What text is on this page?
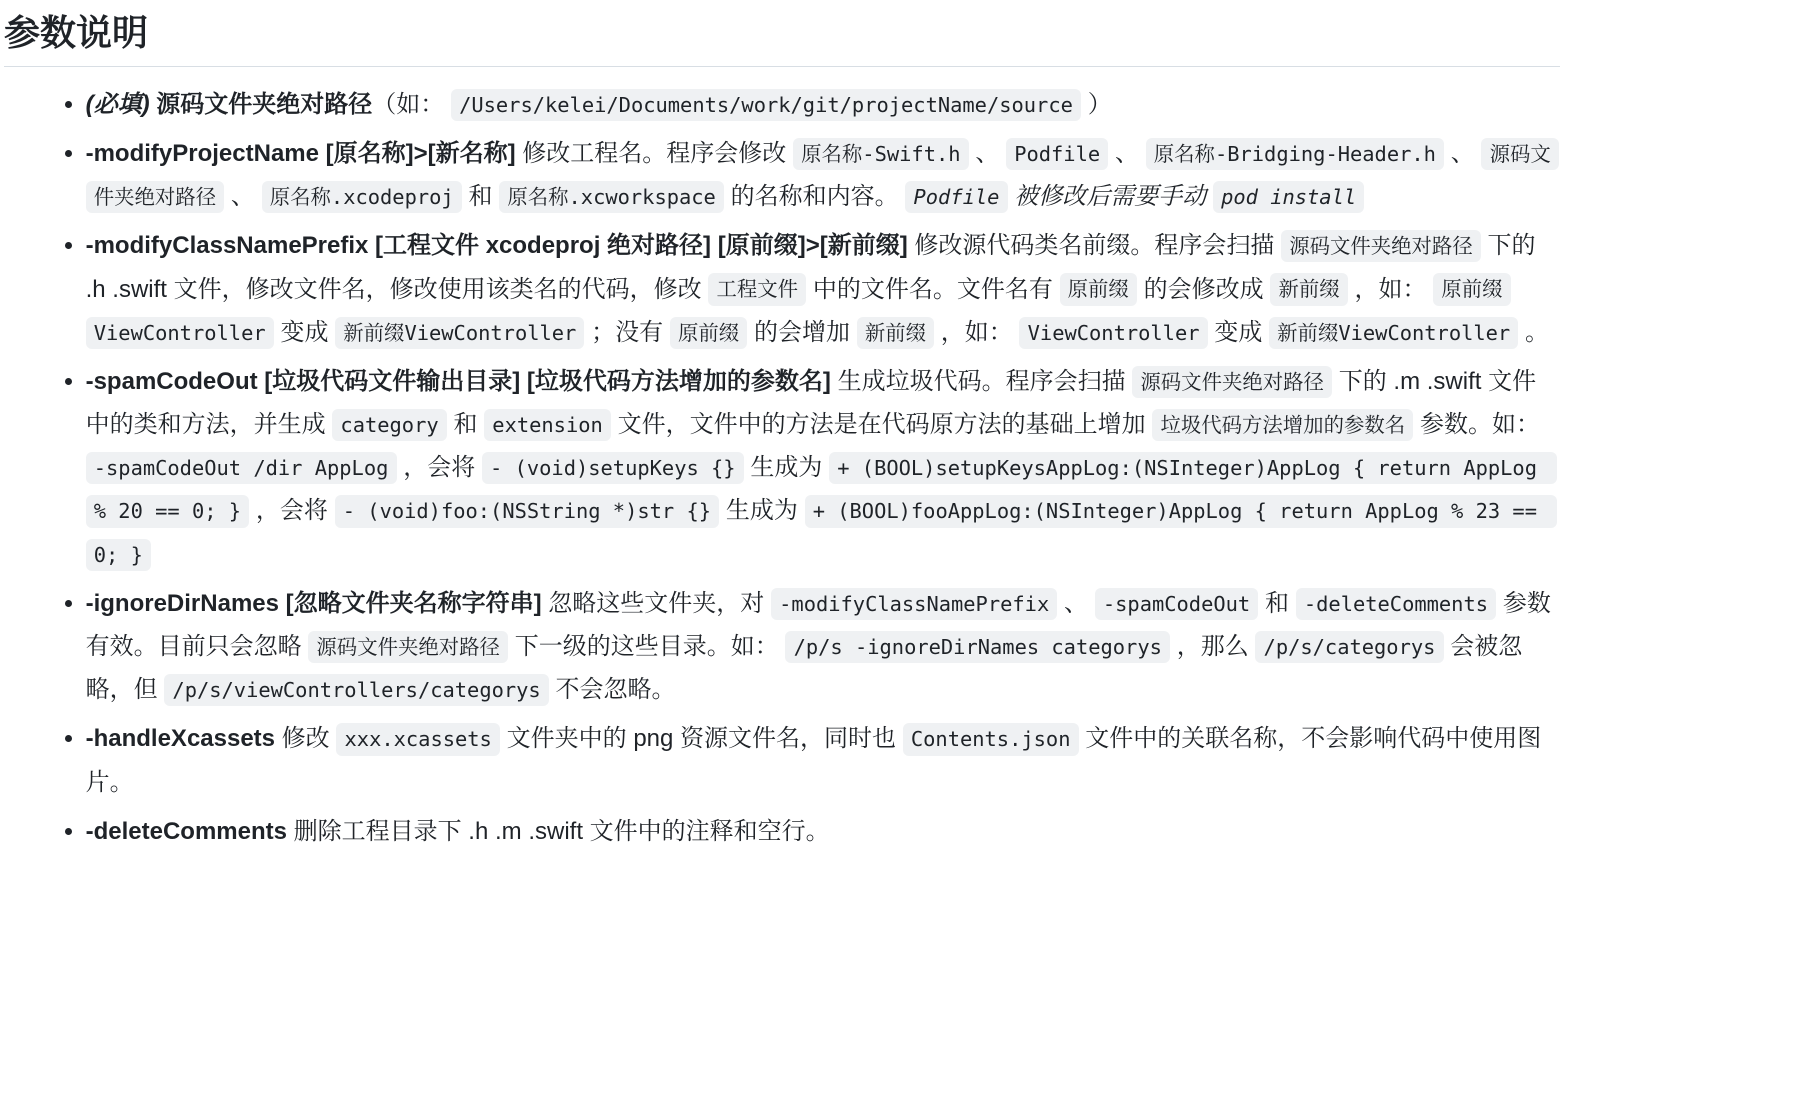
参数说明
• (必填) 源码文件夹绝对路径（如： /Users/kelei/Documents/work/git/projectName/source ）
• -modifyProjectName [原名称]>[新名称] 修改工程名。程序会修改 原名称-Swift.h 、 Podfile 、 原名称-Bridging-Header.h 、 源码文件夹绝对路径 、 原名称.xcodeproj 和 原名称.xcworkspace 的名称和内容。 Podfile 被修改后需要手动 pod install
• -modifyClassNamePrefix [工程文件 xcodeproj 绝对路径] [原前缀]>[新前缀] 修改源代码类名前缀。程序会扫描 源码文件夹绝对路径 下的 .h .swift 文件，修改文件名，修改使用该类名的代码，修改 工程文件 中的文件名。文件名有 原前缀 的会修改成 新前缀 ，如： 原前缀ViewController 变成 新前缀ViewController ；没有 原前缀 的会增加 新前缀 ，如： ViewController 变成 新前缀ViewController 。
• -spamCodeOut [垃圾代码文件输出目录] [垃圾代码方法增加的参数名] 生成垃圾代码。程序会扫描 源码文件夹绝对路径 下的 .m .swift 文件中的类和方法，并生成 category 和 extension 文件，文件中的方法是在代码原方法的基础上增加 垃圾代码方法增加的参数名 参数。如： -spamCodeOut /dir AppLog ，会将 - (void)setupKeys {} 生成为 + (BOOL)setupKeysAppLog:(NSInteger)AppLog { return AppLog % 20 == 0; } ，会将 - (void)foo:(NSString *)str {} 生成为 + (BOOL)fooAppLog:(NSInteger)AppLog { return AppLog % 23 == 0; }
• -ignoreDirNames [忽略文件夹名称字符串] 忽略这些文件夹，对 -modifyClassNamePrefix 、 -spamCodeOut 和 -deleteComments 参数有效。目前只会忽略 源码文件夹绝对路径 下一级的这些目录。如： /p/s -ignoreDirNames categorys ，那么 /p/s/categorys 会被忽略，但 /p/s/viewControllers/categorys 不会忽略。
• -handleXcassets 修改 xxx.xcassets 文件夹中的 png 资源文件名，同时也 Contents.json 文件中的关联名称，不会影响代码中使用图片。
• -deleteComments 删除工程目录下 .h .m .swift 文件中的注释和空行。
